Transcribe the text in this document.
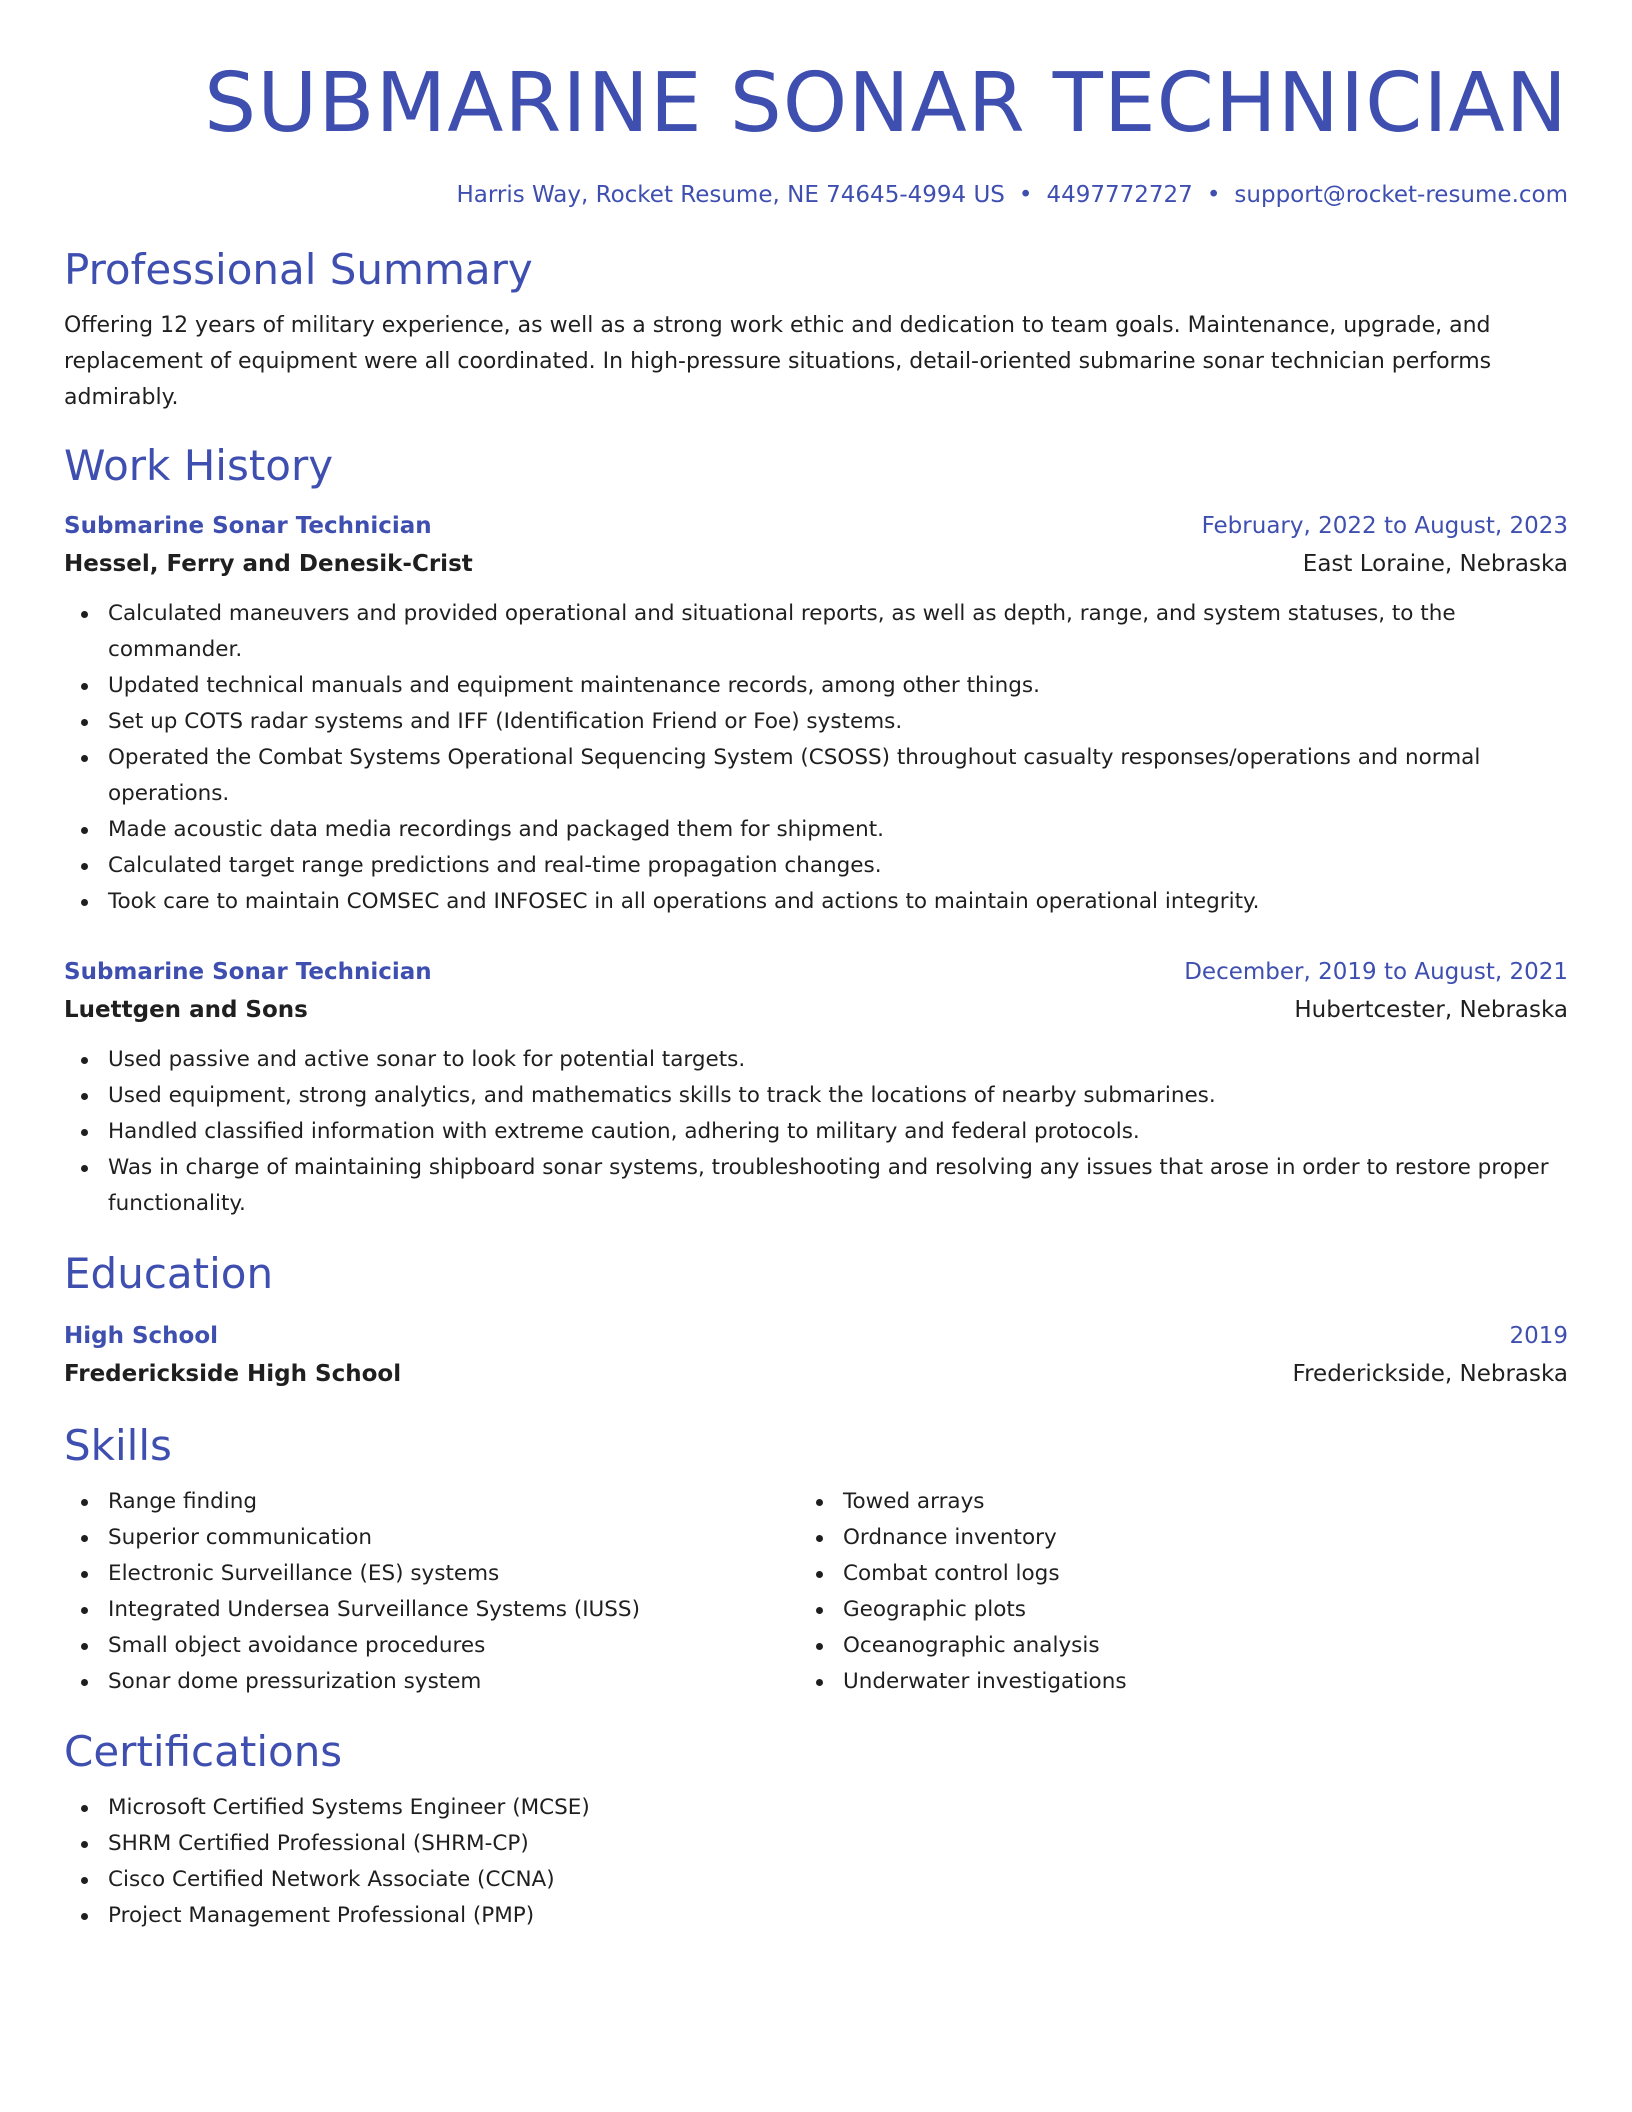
SUBMARINE SONAR TECHNICIAN
Harris Way, Rocket Resume, NE 74645-4994 US • 4497772727 • support@rocket-resume.com
Professional Summary
Offering 12 years of military experience, as well as a strong work ethic and dedication to team goals. Maintenance, upgrade, and replacement of equipment were all coordinated. In high-pressure situations, detail-oriented submarine sonar technician performs admirably.
Work History
Submarine Sonar Technician	February, 2022 to August, 2023
Hessel, Ferry and Denesik-Crist	East Loraine, Nebraska
Calculated maneuvers and provided operational and situational reports, as well as depth, range, and system statuses, to the commander.
Updated technical manuals and equipment maintenance records, among other things.
Set up COTS radar systems and IFF (Identification Friend or Foe) systems.
Operated the Combat Systems Operational Sequencing System (CSOSS) throughout casualty responses/operations and normal operations.
Made acoustic data media recordings and packaged them for shipment.
Calculated target range predictions and real-time propagation changes.
Took care to maintain COMSEC and INFOSEC in all operations and actions to maintain operational integrity.
Submarine Sonar Technician	December, 2019 to August, 2021
Luettgen and Sons	Hubertcester, Nebraska
Used passive and active sonar to look for potential targets.
Used equipment, strong analytics, and mathematics skills to track the locations of nearby submarines.
Handled classified information with extreme caution, adhering to military and federal protocols.
Was in charge of maintaining shipboard sonar systems, troubleshooting and resolving any issues that arose in order to restore proper functionality.
Education
High School	2019
Frederickside High School	Frederickside, Nebraska
Skills
Range finding
Superior communication
Electronic Surveillance (ES) systems
Integrated Undersea Surveillance Systems (IUSS)
Small object avoidance procedures
Sonar dome pressurization system
Towed arrays
Ordnance inventory
Combat control logs
Geographic plots
Oceanographic analysis
Underwater investigations
Certifications
Microsoft Certified Systems Engineer (MCSE)
SHRM Certified Professional (SHRM-CP)
Cisco Certified Network Associate (CCNA)
Project Management Professional (PMP)
